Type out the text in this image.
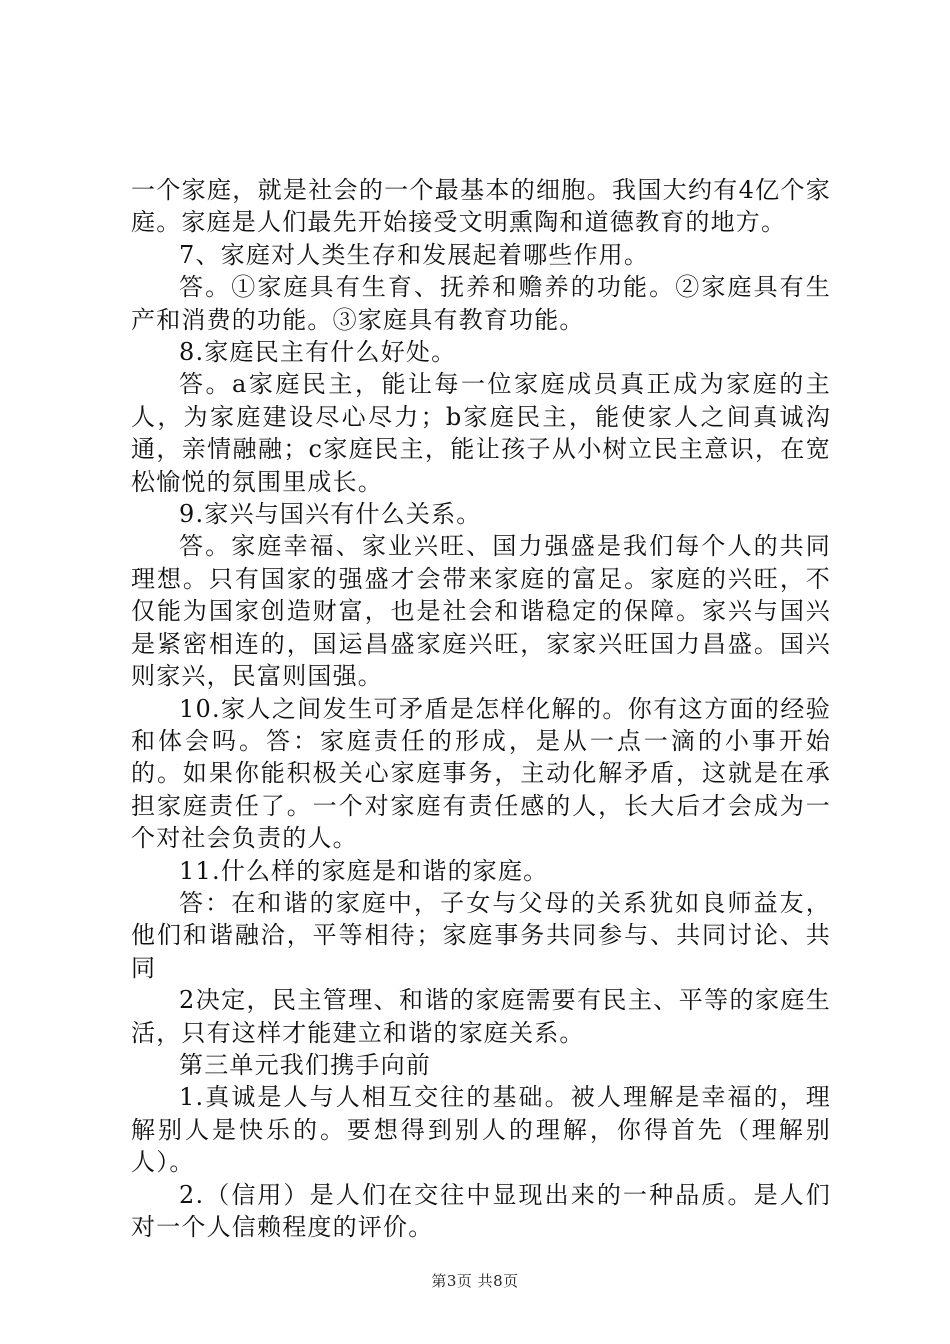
一个家庭，就是社会的一个最基本的细胞。我国大约有4亿个家庭。家庭是人们最先开始接受文明熏陶和道德教育的地方。

7、家庭对人类生存和发展起着哪些作用。

答。①家庭具有生育、抚养和赡养的功能。②家庭具有生产和消费的功能。③家庭具有教育功能。

8.家庭民主有什么好处。

答。a家庭民主，能让每一位家庭成员真正成为家庭的主人，为家庭建设尽心尽力；b家庭民主，能使家人之间真诚沟通，亲情融融；c家庭民主，能让孩子从小树立民主意识，在宽松愉悦的氛围里成长。

9.家兴与国兴有什么关系。

答。家庭幸福、家业兴旺、国力强盛是我们每个人的共同理想。只有国家的强盛才会带来家庭的富足。家庭的兴旺，不仅能为国家创造财富，也是社会和谐稳定的保障。家兴与国兴是紧密相连的，国运昌盛家庭兴旺，家家兴旺国力昌盛。国兴则家兴，民富则国强。

10.家人之间发生可矛盾是怎样化解的。你有这方面的经验和体会吗。答：家庭责任的形成，是从一点一滴的小事开始的。如果你能积极关心家庭事务，主动化解矛盾，这就是在承担家庭责任了。一个对家庭有责任感的人，长大后才会成为一个对社会负责的人。

11.什么样的家庭是和谐的家庭。

答：在和谐的家庭中，子女与父母的关系犹如良师益友，他们和谐融洽，平等相待；家庭事务共同参与、共同讨论、共同

2决定，民主管理、和谐的家庭需要有民主、平等的家庭生活，只有这样才能建立和谐的家庭关系。

第三单元我们携手向前

1.真诚是人与人相互交往的基础。被人理解是幸福的，理解别人是快乐的。要想得到别人的理解，你得首先（理解别人）。

2.（信用）是人们在交往中显现出来的一种品质。是人们对一个人信赖程度的评价。

第3页 共8页
